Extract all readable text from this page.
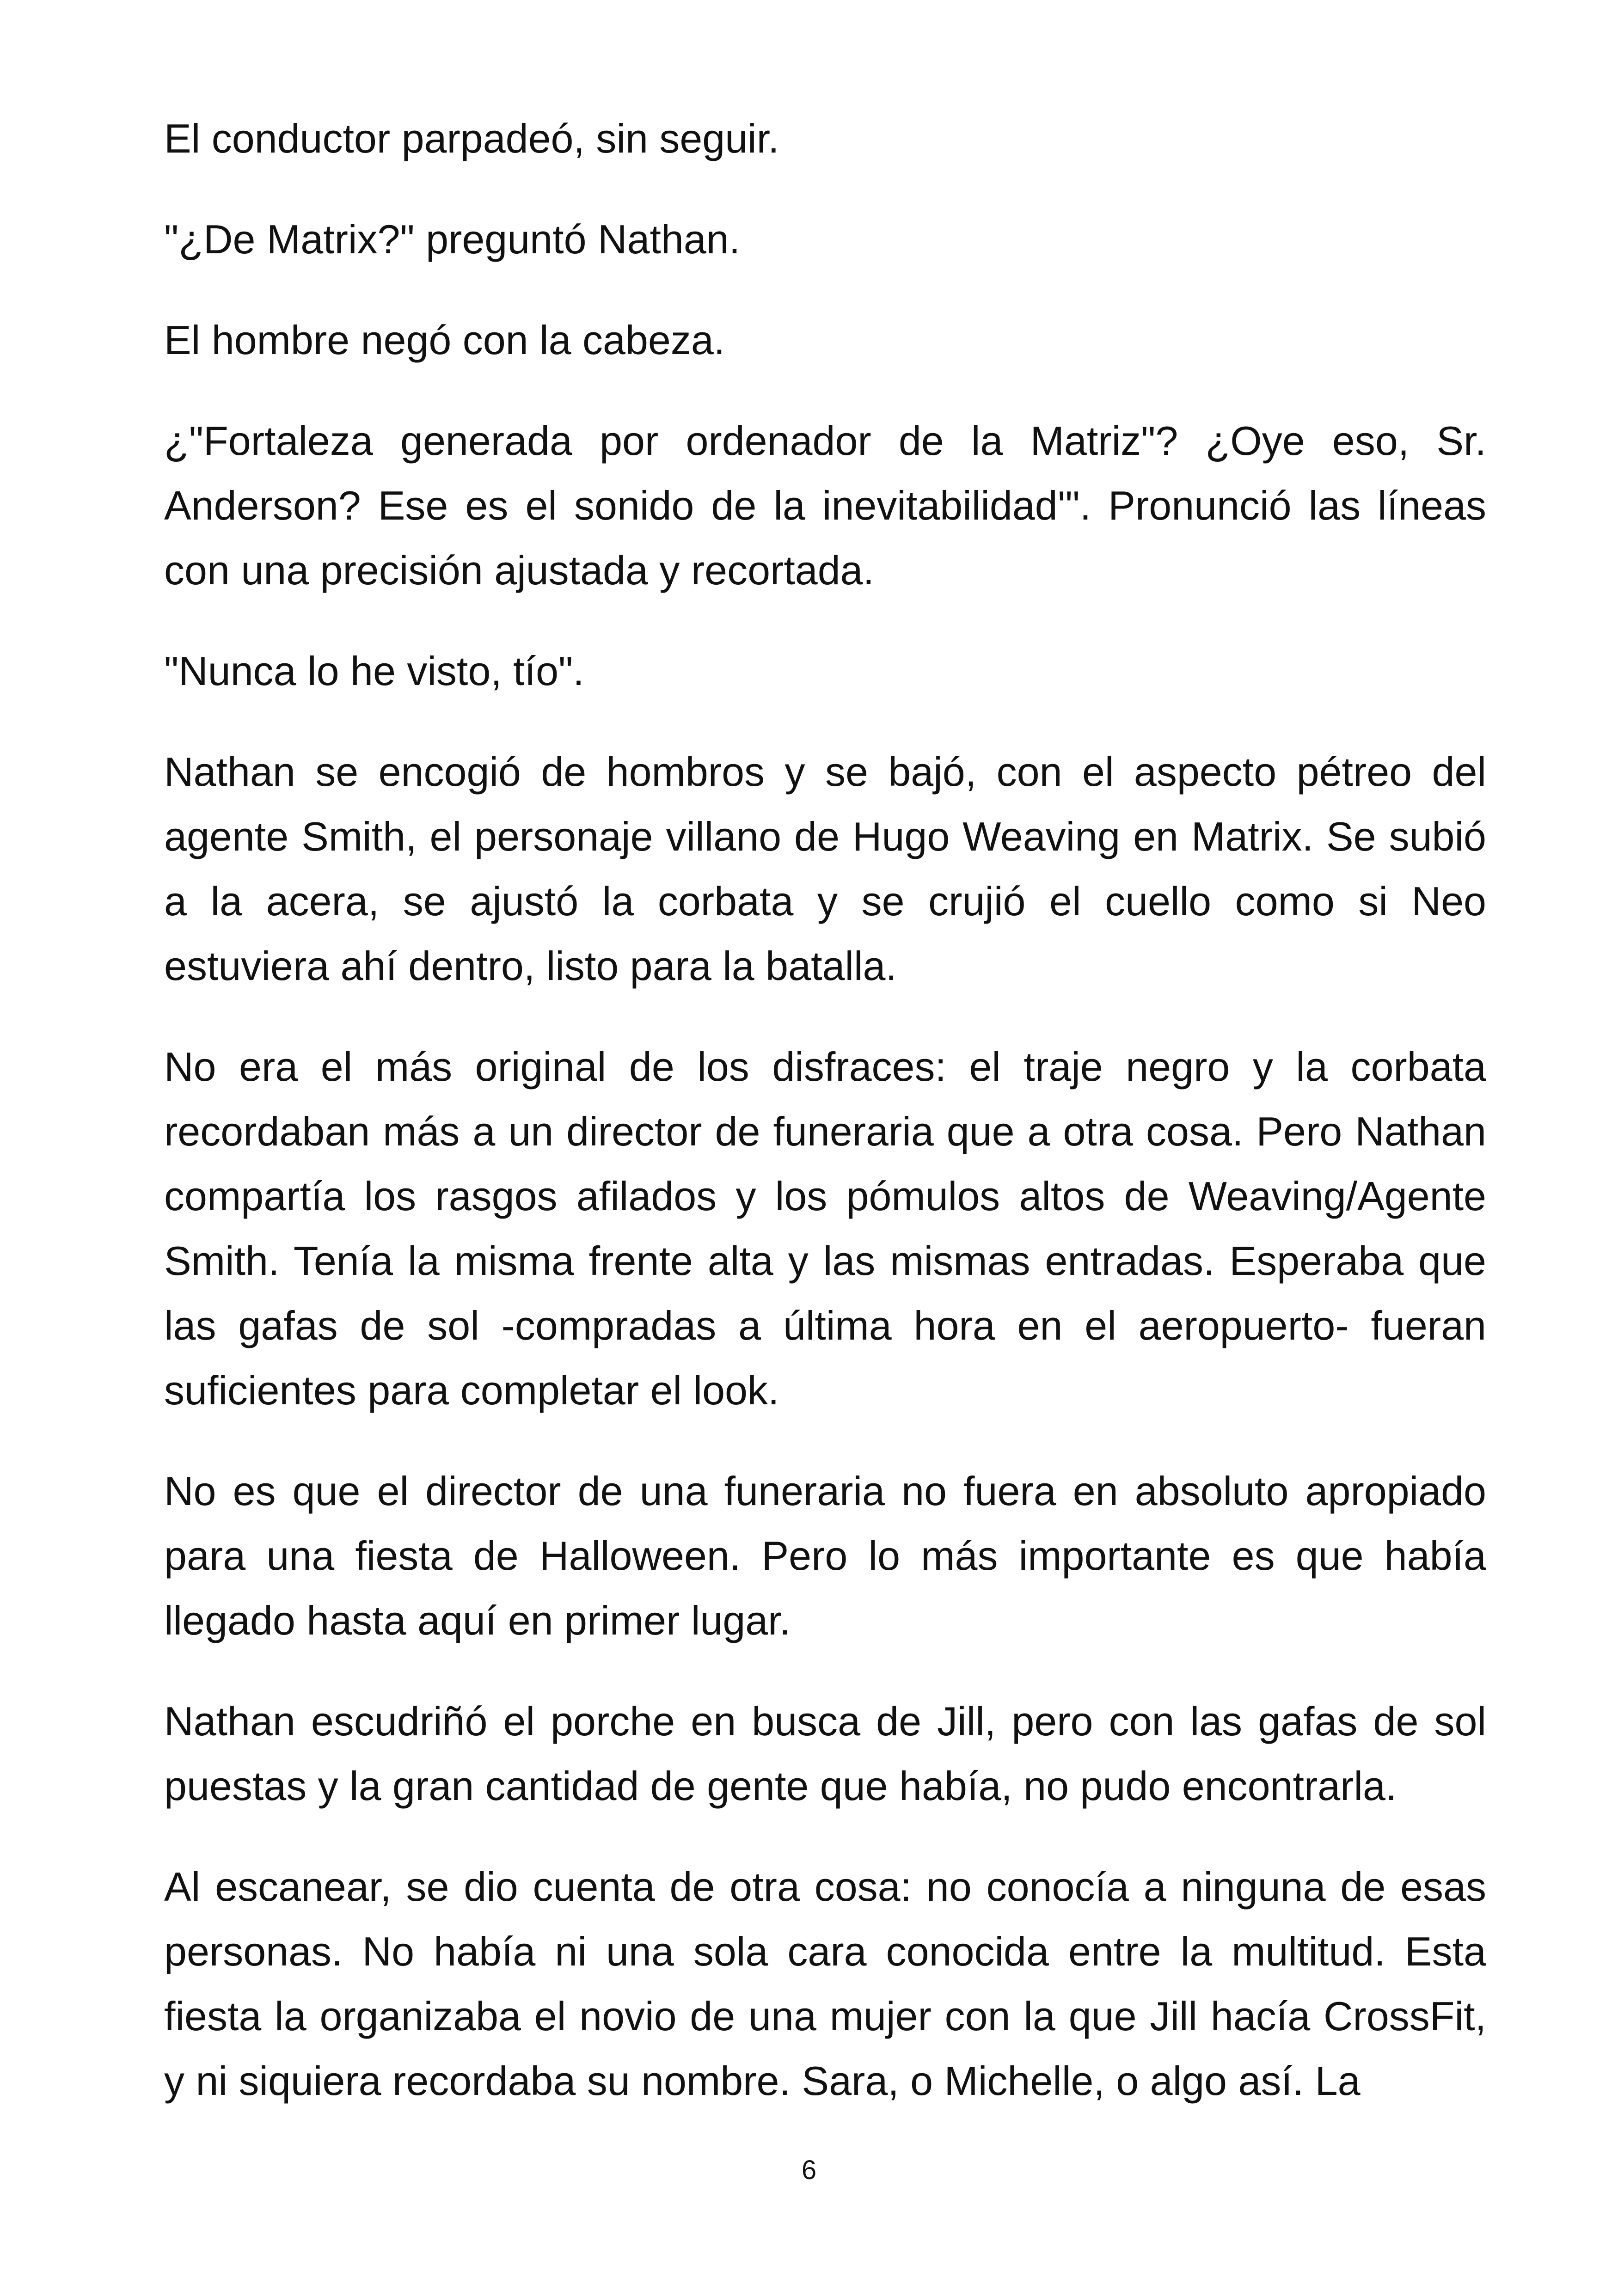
El conductor parpadeó, sin seguir.

"¿De Matrix?" preguntó Nathan.

El hombre negó con la cabeza.

¿"Fortaleza generada por ordenador de la Matriz"? ¿Oye eso, Sr. Anderson? Ese es el sonido de la inevitabilidad'". Pronunció las líneas con una precisión ajustada y recortada.

"Nunca lo he visto, tío".

Nathan se encogió de hombros y se bajó, con el aspecto pétreo del agente Smith, el personaje villano de Hugo Weaving en Matrix. Se subió a la acera, se ajustó la corbata y se crujió el cuello como si Neo estuviera ahí dentro, listo para la batalla.

No era el más original de los disfraces: el traje negro y la corbata recordaban más a un director de funeraria que a otra cosa. Pero Nathan compartía los rasgos afilados y los pómulos altos de Weaving/Agente Smith. Tenía la misma frente alta y las mismas entradas. Esperaba que las gafas de sol -compradas a última hora en el aeropuerto- fueran suficientes para completar el look.

No es que el director de una funeraria no fuera en absoluto apropiado para una fiesta de Halloween. Pero lo más importante es que había llegado hasta aquí en primer lugar.

Nathan escudriñó el porche en busca de Jill, pero con las gafas de sol puestas y la gran cantidad de gente que había, no pudo encontrarla.

Al escanear, se dio cuenta de otra cosa: no conocía a ninguna de esas personas. No había ni una sola cara conocida entre la multitud. Esta fiesta la organizaba el novio de una mujer con la que Jill hacía CrossFit, y ni siquiera recordaba su nombre. Sara, o Michelle, o algo así. La

6
